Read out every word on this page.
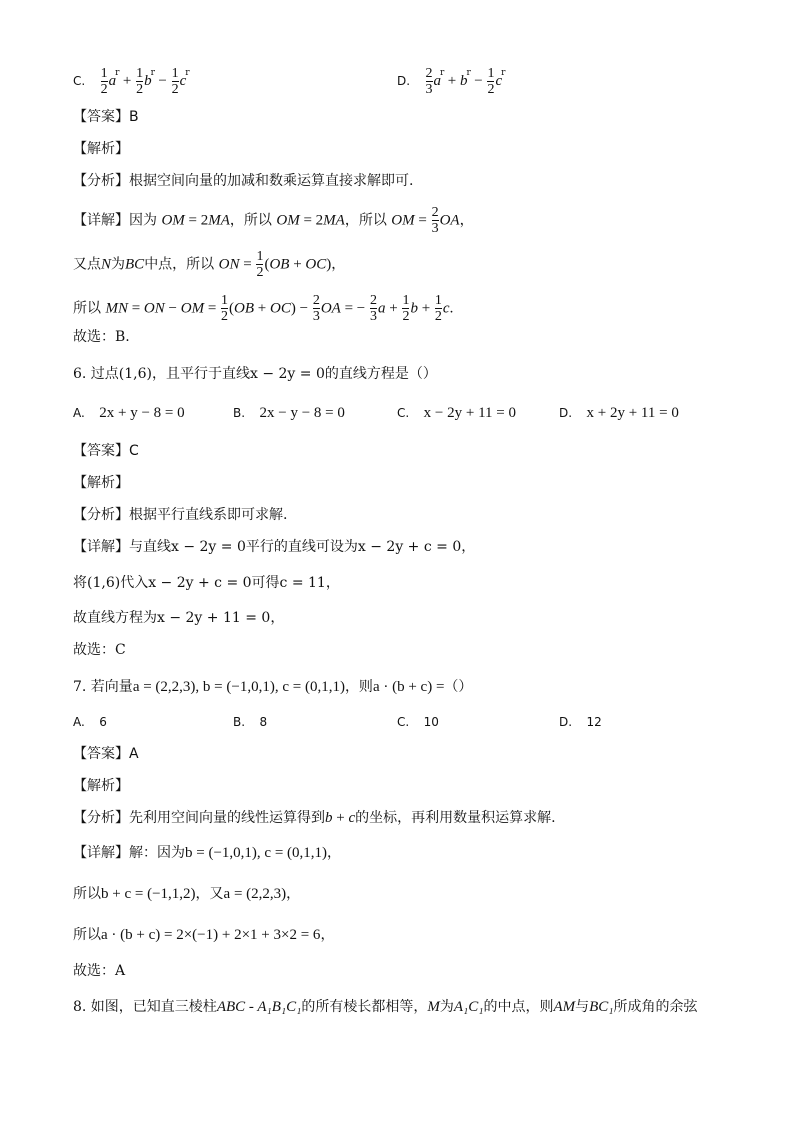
C. $\frac{1}{2} a^r + \frac{1}{2} b^r - \frac{1}{2} c^r$
D. $\frac{2}{3} a^r + b^r - \frac{1}{2} c^r$
【答案】B
【解析】
【分析】根据空间向量的加减和数乘运算直接求解即可.
【详解】因为 OM = 2MA，所以 OM = 2MA，所以 OM = $\frac{2}{3}$ OA，
又点N为BC中点，所以 ON = $\frac{1}{2} (OB + OC)$，
所以 MN = ON − OM = $\frac{1}{2} (OB + OC) - \frac{2}{3}$ OA = − $\frac{2}{3}$ $a + \frac{1}{2}$ $b + \frac{1}{2} c$.
故选：B.
6. 过点(1,6)，且平行于直线x − 2y = 0的直线方程是（）
A. 2x + y − 8 = 0	B. 2x − y − 8 = 0	C. x − 2y + 11 = 0	D. x + 2y + 11 = 0
【答案】C
【解析】
【分析】根据平行直线系即可求解.
【详解】与直线x − 2y = 0平行的直线可设为x − 2y + c = 0，
将(1,6)代入x − 2y + c = 0可得c = 11，
故直线方程为x − 2y + 11 = 0，
故选：C
7. 若向量a = (2,2,3), b = (−1,0,1), c = (0,1,1)，则a · (b + c) =（）
A. 6	B. 8	C. 10	D. 12
【答案】A
【解析】
【分析】先利用空间向量的线性运算得到b + c的坐标，再利用数量积运算求解.
【详解】解：因为b = (−1,0,1), c = (0,1,1)，
所以b + c = (−1,1,2)，又a = (2,2,3)，
所以a · (b + c) = 2×(−1) + 2×1 + 3×2 = 6，
故选：A
8. 如图，已知直三棱柱ABC - A₁B₁C₁的所有棱长都相等，M为A₁C₁的中点，则AM与BC₁所成角的余弦
